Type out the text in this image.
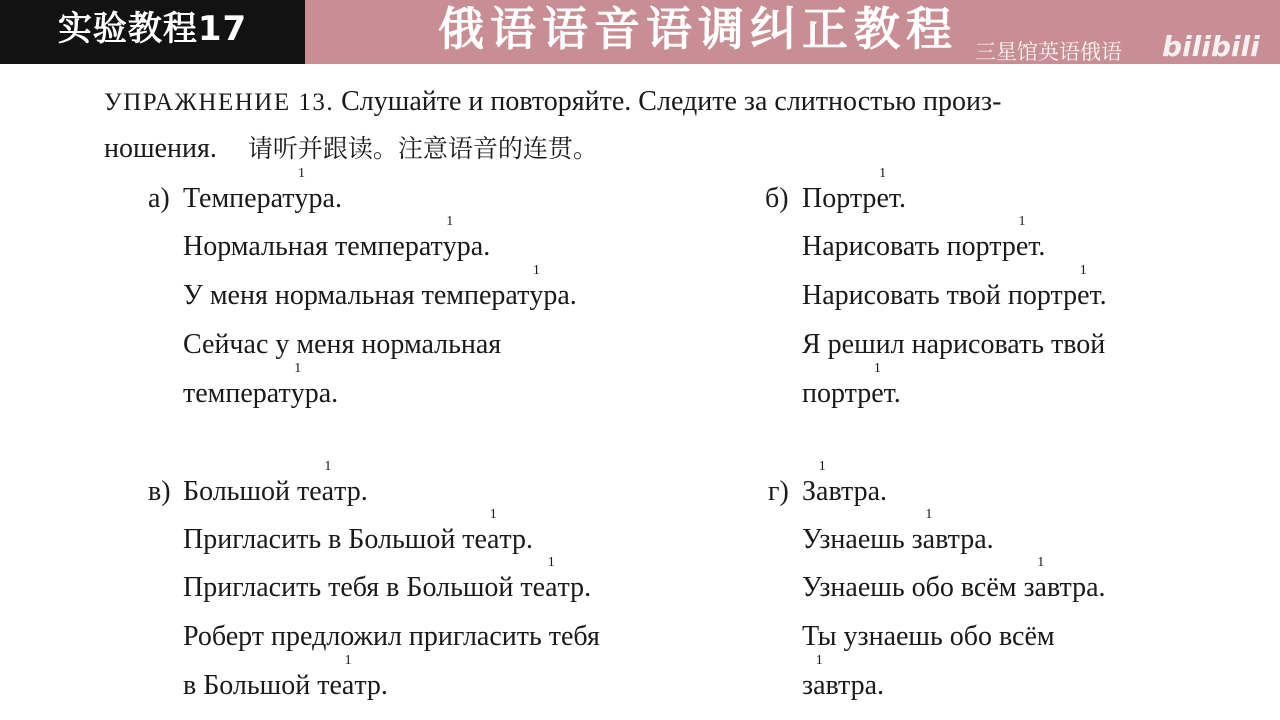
实验教程17	俄语语音语调纠正教程 三星馆英语俄语 bilibili
УПРАЖНЕНИЕ 13. Слушайте и повторяйте. Следите за слитностью произ-
ношения. 请听并跟读。注意语音的连贯。
а) Температу
1
ра.
Нормальная температу
1
ра.
У меня нормальная температу
1
ра.
Сейчас у меня нормальная
температу
1
ра.
б) Портре
1
т.
Нарисовать портре
1
т.
Нарисовать твой портре
1
т.
Я решил нарисовать твой
портре
1
т.
в) Большой теа
1
тр.
Пригласить в Большой теа
1
тр.
Пригласить тебя в Большой теа
1
тр.
Роберт предложил пригласить тебя
в Большой теа
1
тр.
г) За
1
втра.
Узнаешь за
1
втра.
Узнаешь обо всём за
1
втра.
Ты узнаешь обо всём
за
1
втра.
